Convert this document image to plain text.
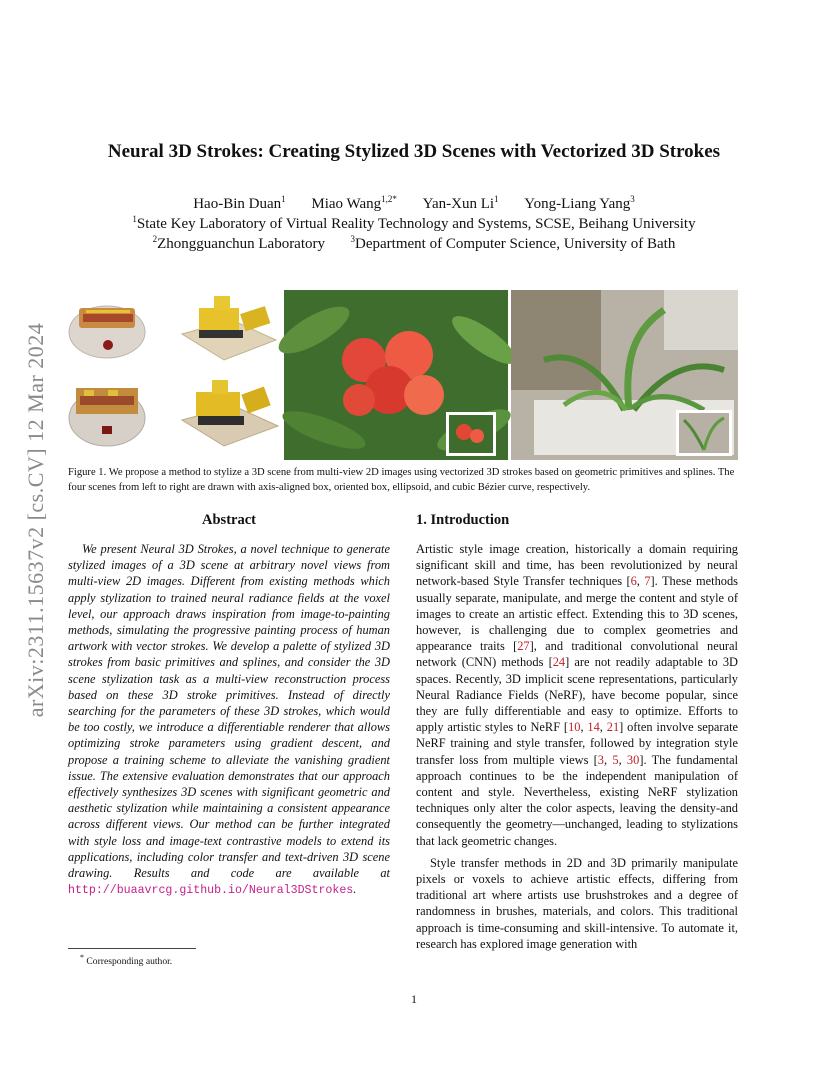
arXiv:2311.15637v2 [cs.CV] 12 Mar 2024
Neural 3D Strokes: Creating Stylized 3D Scenes with Vectorized 3D Strokes
Hao-Bin Duan$^1$ Miao Wang$^{1,2*}$ Yan-Xun Li$^1$ Yong-Liang Yang$^3$
$^1$State Key Laboratory of Virtual Reality Technology and Systems, SCSE, Beihang University
$^2$Zhongguanchun Laboratory	$^3$Department of Computer Science, University of Bath
Figure 1. We propose a method to stylize a 3D scene from multi-view 2D images using vectorized 3D strokes based on geometric primitives and splines. The four scenes from left to right are drawn with axis-aligned box, oriented box, ellipsoid, and cubic Bézier curve, respectively.
Abstract	1. Introduction

We present Neural 3D Strokes, a novel technique to generate stylized images of a 3D scene at arbitrary novel views from multi-view 2D images. Different from existing methods which apply stylization to trained neural radiance fields at the voxel level, our approach draws inspiration from image-to-painting methods, simulating the progressive painting process of human artwork with vector strokes. We develop a palette of stylized 3D strokes from basic primitives and splines, and consider the 3D scene stylization task as a multi-view reconstruction process based on these 3D stroke primitives. Instead of directly searching for the parameters of these 3D strokes, which would be too costly, we introduce a differentiable renderer that allows optimizing stroke parameters using gradient descent, and propose a training scheme to alleviate the vanishing gradient issue. The extensive evaluation demonstrates that our approach effectively synthesizes 3D scenes with significant geometric and aesthetic stylization while maintaining a consistent appearance across different views. Our method can be further integrated with style loss and image-text contrastive models to extend its applications, including color transfer and text-driven 3D scene drawing. Results and code are available at http://buaavrcg.github.io/Neural3DStrokes.

Artistic style image creation, historically a domain requiring significant skill and time, has been revolutionized by neural network-based Style Transfer techniques [6, 7]. These methods usually separate, manipulate, and merge the content and style of images to create an artistic effect. Extending this to 3D scenes, however, is challenging due to complex geometries and appearance traits [27], and traditional convolutional neural network (CNN) methods [24] are not readily adaptable to 3D spaces. Recently, 3D implicit scene representations, particularly Neural Radiance Fields (NeRF), have become popular, since they are fully differentiable and easy to optimize. Efforts to apply artistic styles to NeRF [10, 14, 21] often involve separate NeRF training and style transfer, followed by integration style transfer loss from multiple views [3, 5, 30]. The fundamental approach continues to be the independent manipulation of content and style. Nevertheless, existing NeRF stylization techniques only alter the color aspects, leaving the density-and consequently the geometry—unchanged, leading to stylizations that lack geometric changes.

Style transfer methods in 2D and 3D primarily manipulate pixels or voxels to achieve artistic effects, differing from traditional art where artists use brushstrokes and a degree of randomness in brushes, materials, and colors. This traditional approach is time-consuming and skill-intensive. To automate it, research has explored image generation with

* Corresponding author.
1
